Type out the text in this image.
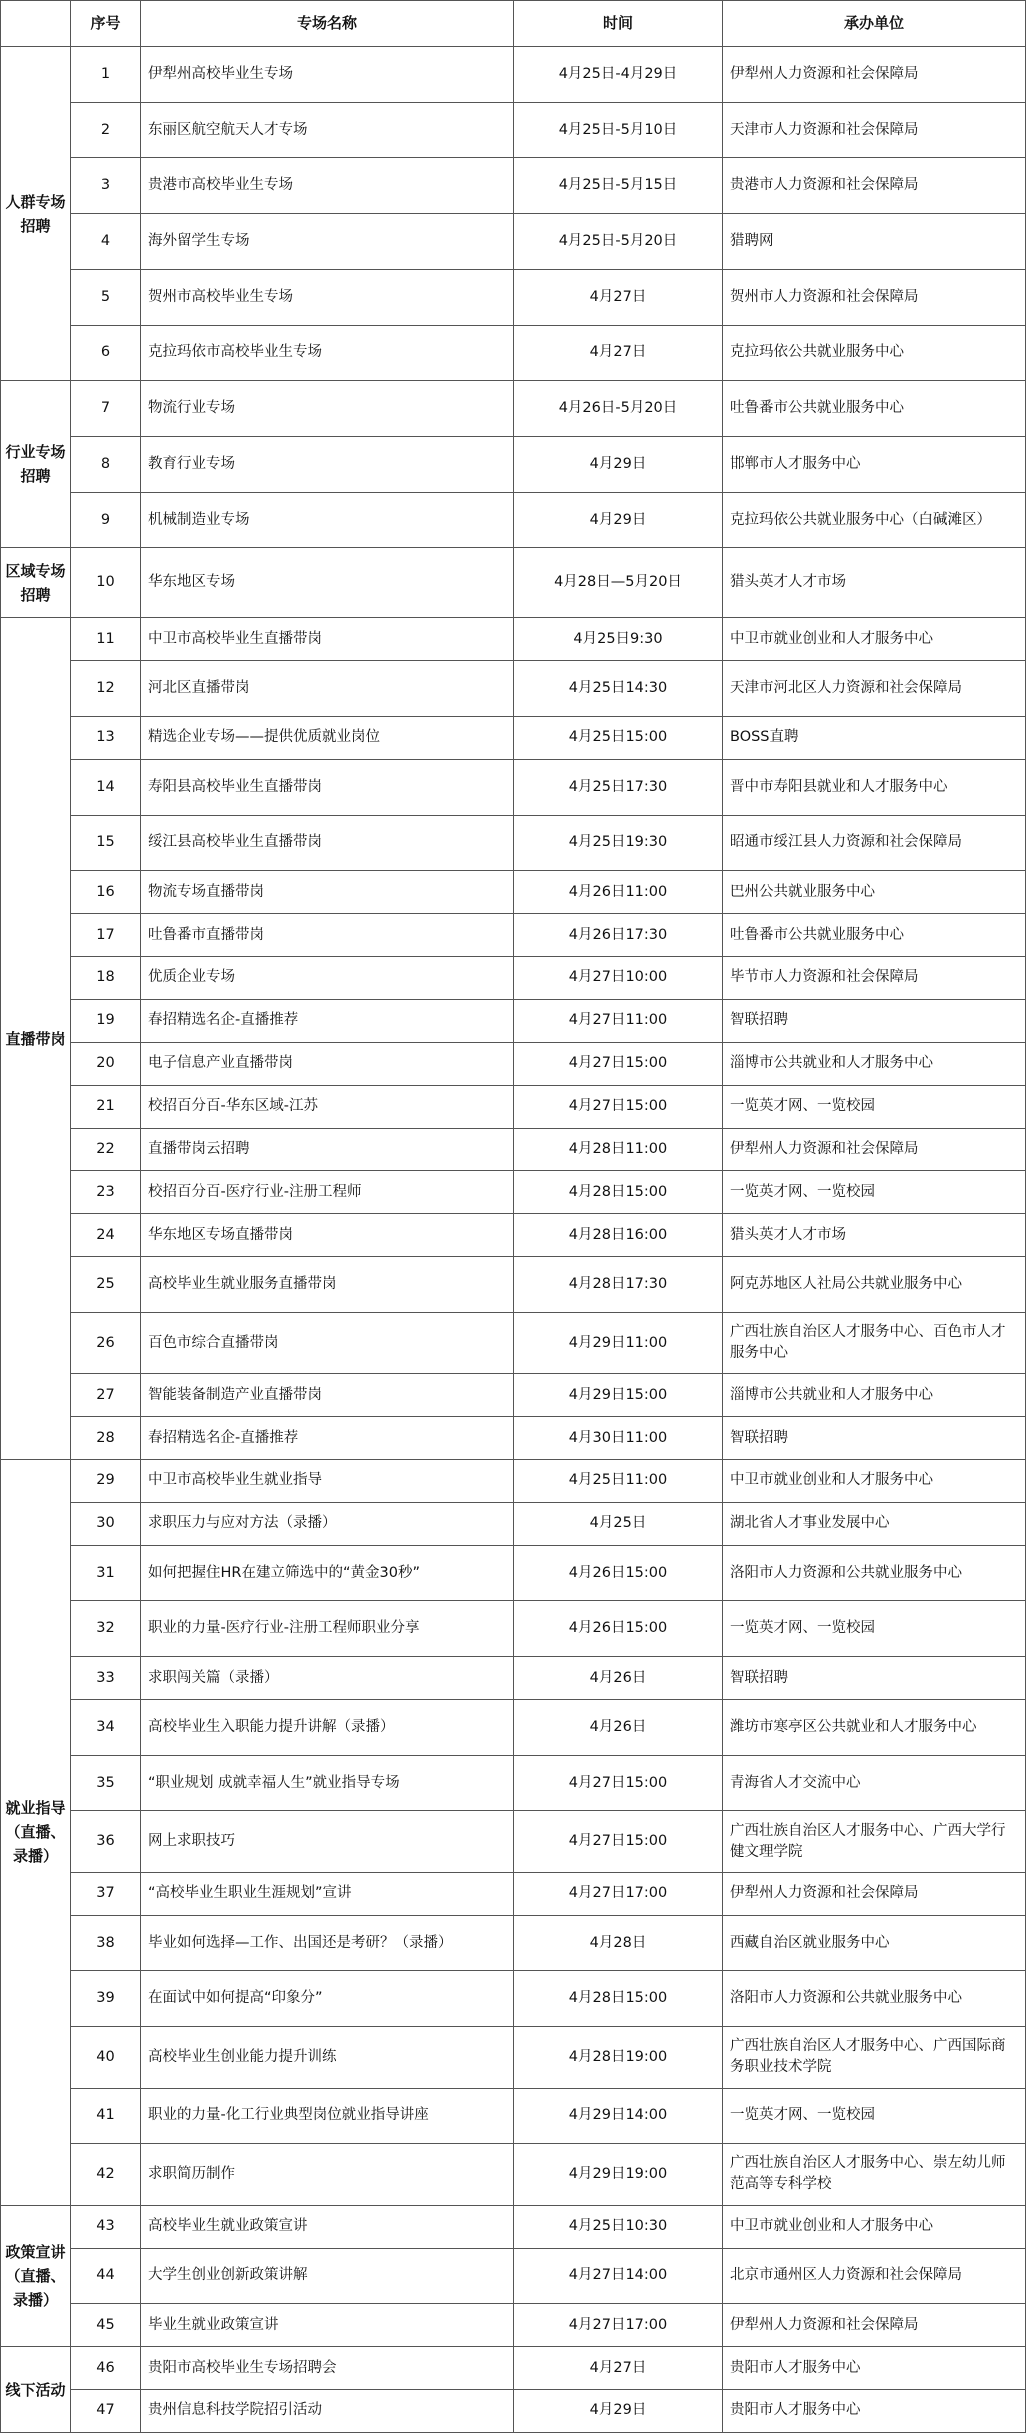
	序号	专场名称	时间	承办单位
人群专场招聘	1	伊犁州高校毕业生专场	4月25日-4月29日	伊犁州人力资源和社会保障局
	2	东丽区航空航天人才专场	4月25日-5月10日	天津市人力资源和社会保障局
	3	贵港市高校毕业生专场	4月25日-5月15日	贵港市人力资源和社会保障局
	4	海外留学生专场	4月25日-5月20日	猎聘网
	5	贺州市高校毕业生专场	4月27日	贺州市人力资源和社会保障局
	6	克拉玛依市高校毕业生专场	4月27日	克拉玛依公共就业服务中心
行业专场招聘	7	物流行业专场	4月26日-5月20日	吐鲁番市公共就业服务中心
	8	教育行业专场	4月29日	邯郸市人才服务中心
	9	机械制造业专场	4月29日	克拉玛依公共就业服务中心（白碱滩区）
区域专场招聘	10	华东地区专场	4月28日—5月20日	猎头英才人才市场
直播带岗	11	中卫市高校毕业生直播带岗	4月25日9:30	中卫市就业创业和人才服务中心
	12	河北区直播带岗	4月25日14:30	天津市河北区人力资源和社会保障局
	13	精选企业专场——提供优质就业岗位	4月25日15:00	BOSS直聘
	14	寿阳县高校毕业生直播带岗	4月25日17:30	晋中市寿阳县就业和人才服务中心
	15	绥江县高校毕业生直播带岗	4月25日19:30	昭通市绥江县人力资源和社会保障局
	16	物流专场直播带岗	4月26日11:00	巴州公共就业服务中心
	17	吐鲁番市直播带岗	4月26日17:30	吐鲁番市公共就业服务中心
	18	优质企业专场	4月27日10:00	毕节市人力资源和社会保障局
	19	春招精选名企-直播推荐	4月27日11:00	智联招聘
	20	电子信息产业直播带岗	4月27日15:00	淄博市公共就业和人才服务中心
	21	校招百分百-华东区域-江苏	4月27日15:00	一览英才网、一览校园
	22	直播带岗云招聘	4月28日11:00	伊犁州人力资源和社会保障局
	23	校招百分百-医疗行业-注册工程师	4月28日15:00	一览英才网、一览校园
	24	华东地区专场直播带岗	4月28日16:00	猎头英才人才市场
	25	高校毕业生就业服务直播带岗	4月28日17:30	阿克苏地区人社局公共就业服务中心
	26	百色市综合直播带岗	4月29日11:00	广西壮族自治区人才服务中心、百色市人才服务中心
	27	智能装备制造产业直播带岗	4月29日15:00	淄博市公共就业和人才服务中心
	28	春招精选名企-直播推荐	4月30日11:00	智联招聘
就业指导（直播、录播）	29	中卫市高校毕业生就业指导	4月25日11:00	中卫市就业创业和人才服务中心
	30	求职压力与应对方法（录播）	4月25日	湖北省人才事业发展中心
	31	如何把握住HR在建立筛选中的“黄金30秒”	4月26日15:00	洛阳市人力资源和公共就业服务中心
	32	职业的力量-医疗行业-注册工程师职业分享	4月26日15:00	一览英才网、一览校园
	33	求职闯关篇（录播）	4月26日	智联招聘
	34	高校毕业生入职能力提升讲解（录播）	4月26日	潍坊市寒亭区公共就业和人才服务中心
	35	“职业规划 成就幸福人生”就业指导专场	4月27日15:00	青海省人才交流中心
	36	网上求职技巧	4月27日15:00	广西壮族自治区人才服务中心、广西大学行健文理学院
	37	“高校毕业生职业生涯规划”宣讲	4月27日17:00	伊犁州人力资源和社会保障局
	38	毕业如何选择—工作、出国还是考研？（录播）	4月28日	西藏自治区就业服务中心
	39	在面试中如何提高“印象分”	4月28日15:00	洛阳市人力资源和公共就业服务中心
	40	高校毕业生创业能力提升训练	4月28日19:00	广西壮族自治区人才服务中心、广西国际商务职业技术学院
	41	职业的力量-化工行业典型岗位就业指导讲座	4月29日14:00	一览英才网、一览校园
	42	求职简历制作	4月29日19:00	广西壮族自治区人才服务中心、崇左幼儿师范高等专科学校
政策宣讲（直播、录播）	43	高校毕业生就业政策宣讲	4月25日10:30	中卫市就业创业和人才服务中心
	44	大学生创业创新政策讲解	4月27日14:00	北京市通州区人力资源和社会保障局
	45	毕业生就业政策宣讲	4月27日17:00	伊犁州人力资源和社会保障局
线下活动	46	贵阳市高校毕业生专场招聘会	4月27日	贵阳市人才服务中心
	47	贵州信息科技学院招引活动	4月29日	贵阳市人才服务中心
